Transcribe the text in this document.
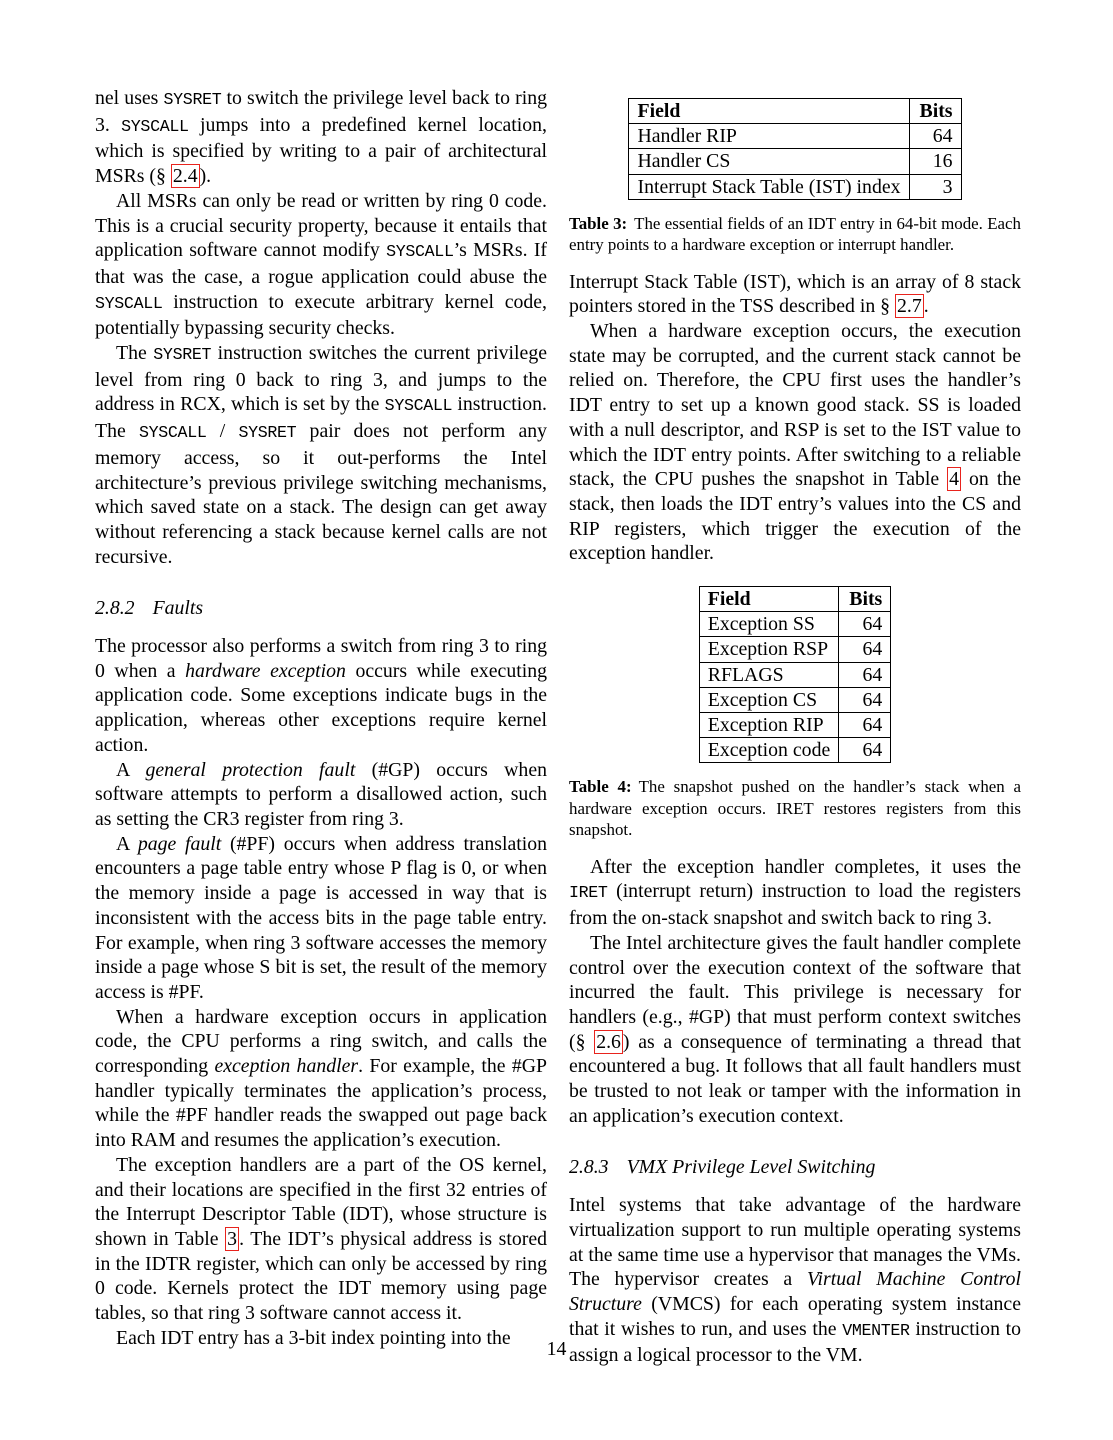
nel uses SYSRET to switch the privilege level back to ring 3. SYSCALL jumps into a predefined kernel location, which is specified by writing to a pair of architectural MSRs (§ 2.4 ).

All MSRs can only be read or written by ring 0 code. This is a crucial security property, because it entails that application software cannot modify SYSCALL’s MSRs. If that was the case, a rogue application could abuse the SYSCALL instruction to execute arbitrary kernel code, potentially bypassing security checks.

The SYSRET instruction switches the current privilege level from ring 0 back to ring 3, and jumps to the address in RCX, which is set by the SYSCALL instruction. The SYSCALL / SYSRET pair does not perform any memory access, so it out-performs the Intel architecture’s previous privilege switching mechanisms, which saved state on a stack. The design can get away without referencing a stack because kernel calls are not recursive.

2.8.2 Faults

The processor also performs a switch from ring 3 to ring 0 when a hardware exception occurs while executing application code. Some exceptions indicate bugs in the application, whereas other exceptions require kernel action.

A general protection fault (#GP) occurs when software attempts to perform a disallowed action, such as setting the CR3 register from ring 3.

A page fault (#PF) occurs when address translation encounters a page table entry whose P flag is 0, or when the memory inside a page is accessed in way that is inconsistent with the access bits in the page table entry. For example, when ring 3 software accesses the memory inside a page whose S bit is set, the result of the memory access is #PF.

When a hardware exception occurs in application code, the CPU performs a ring switch, and calls the corresponding exception handler. For example, the #GP handler typically terminates the application’s process, while the #PF handler reads the swapped out page back into RAM and resumes the application’s execution.

The exception handlers are a part of the OS kernel, and their locations are specified in the first 32 entries of the Interrupt Descriptor Table (IDT), whose structure is shown in Table 3 . The IDT’s physical address is stored in the IDTR register, which can only be accessed by ring 0 code. Kernels protect the IDT memory using page tables, so that ring 3 software cannot access it.

Each IDT entry has a 3-bit index pointing into the

Field	Bits
Handler RIP	64
Handler CS	16
Interrupt Stack Table (IST) index	3
Table 3: The essential fields of an IDT entry in 64-bit mode. Each entry points to a hardware exception or interrupt handler.

Interrupt Stack Table (IST), which is an array of 8 stack pointers stored in the TSS described in § 2.7 .

When a hardware exception occurs, the execution state may be corrupted, and the current stack cannot be relied on. Therefore, the CPU first uses the handler’s IDT entry to set up a known good stack. SS is loaded with a null descriptor, and RSP is set to the IST value to which the IDT entry points. After switching to a reliable stack, the CPU pushes the snapshot in Table 4 on the stack, then loads the IDT entry’s values into the CS and RIP registers, which trigger the execution of the exception handler.

Field	Bits
Exception SS	64
Exception RSP	64
RFLAGS	64
Exception CS	64
Exception RIP	64
Exception code	64
Table 4: The snapshot pushed on the handler’s stack when a hardware exception occurs. IRET restores registers from this snapshot.

After the exception handler completes, it uses the IRET (interrupt return) instruction to load the registers from the on-stack snapshot and switch back to ring 3.

The Intel architecture gives the fault handler complete control over the execution context of the software that incurred the fault. This privilege is necessary for handlers (e.g., #GP) that must perform context switches (§ 2.6 ) as a consequence of terminating a thread that encountered a bug. It follows that all fault handlers must be trusted to not leak or tamper with the information in an application’s execution context.

2.8.3 VMX Privilege Level Switching

Intel systems that take advantage of the hardware virtualization support to run multiple operating systems at the same time use a hypervisor that manages the VMs. The hypervisor creates a Virtual Machine Control Structure (VMCS) for each operating system instance that it wishes to run, and uses the VMENTER instruction to assign a logical processor to the VM.

14
